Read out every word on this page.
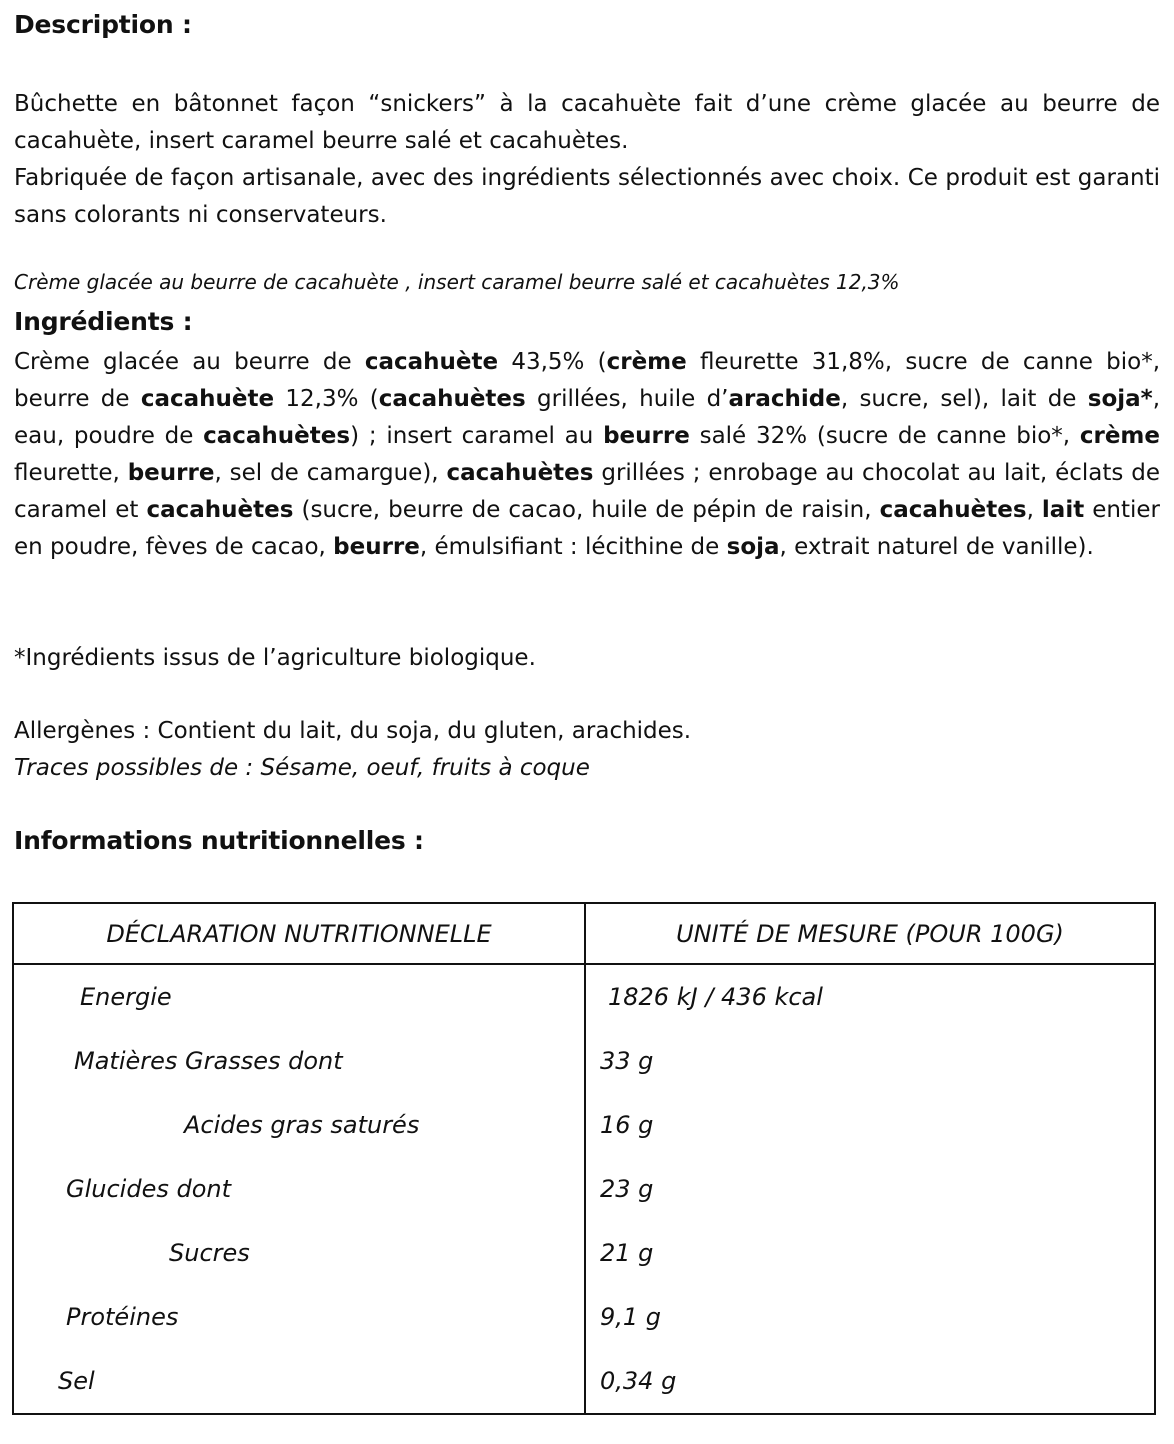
Description :

Bûchette en bâtonnet façon “snickers” à la cacahuète fait d’une crème glacée au beurre de cacahuète, insert caramel beurre salé et cacahuètes.

Fabriquée de façon artisanale, avec des ingrédients sélectionnés avec choix. Ce produit est garanti sans colorants ni conservateurs.

Crème glacée au beurre de cacahuète , insert caramel beurre salé et cacahuètes 12,3%
Ingrédients :

Crème glacée au beurre de cacahuète 43,5% (crème fleurette 31,8%, sucre de canne bio*, beurre de cacahuète 12,3% (cacahuètes grillées, huile d’arachide, sucre, sel), lait de soja*, eau, poudre de cacahuètes) ; insert caramel au beurre salé 32% (sucre de canne bio*, crème fleurette, beurre, sel de camargue), cacahuètes grillées ; enrobage au chocolat au lait, éclats de caramel et cacahuètes (sucre, beurre de cacao, huile de pépin de raisin, cacahuètes, lait entier en poudre, fèves de cacao, beurre, émulsifiant : lécithine de soja, extrait naturel de vanille).

*Ingrédients issus de l’agriculture biologique.

Allergènes : Contient du lait, du soja, du gluten, arachides.

Traces possibles de : Sésame, oeuf, fruits à coque

Informations nutritionnelles :
DÉCLARATION NUTRITIONNELLE	UNITÉ DE MESURE (POUR 100G)
Energie	1826 kJ / 436 kcal
Matières Grasses dont	33 g
Acides gras saturés	16 g
Glucides dont	23 g
Sucres	21 g
Protéines	9,1 g
Sel	0,34 g
